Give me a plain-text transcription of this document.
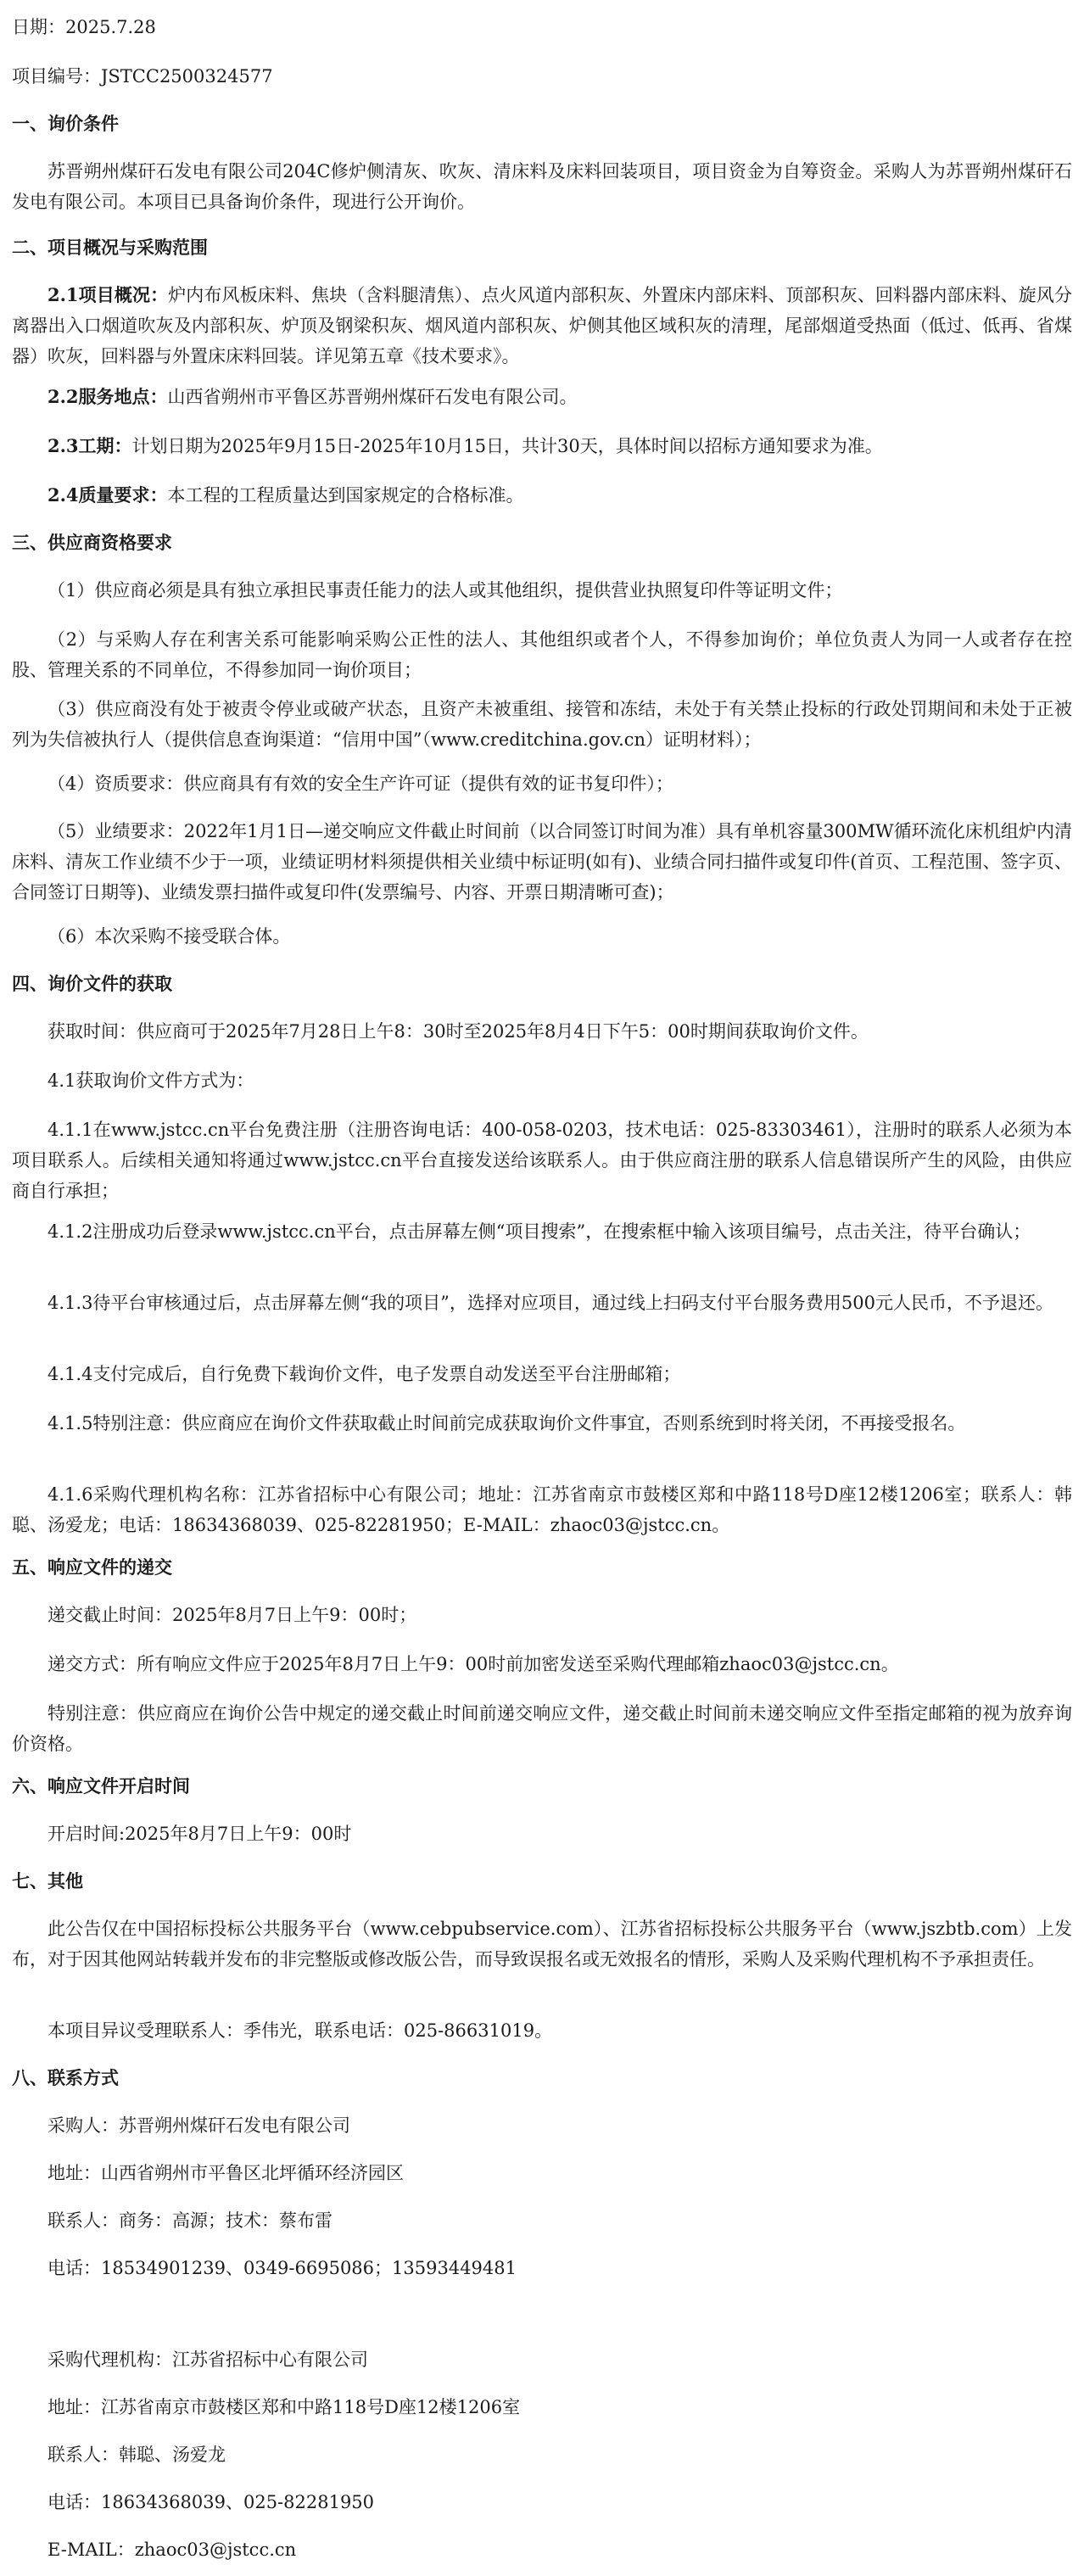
日期：2025.7.28
项目编号：JSTCC2500324577
一、询价条件
苏晋朔州煤矸石发电有限公司204C修炉侧清灰、吹灰、清床料及床料回装项目，项目资金为自筹资金。采购人为苏晋朔州煤矸石发电有限公司。本项目已具备询价条件，现进行公开询价。
二、项目概况与采购范围
2.1项目概况：炉内布风板床料、焦块（含料腿清焦）、点火风道内部积灰、外置床内部床料、顶部积灰、回料器内部床料、旋风分离器出入口烟道吹灰及内部积灰、炉顶及钢梁积灰、烟风道内部积灰、炉侧其他区域积灰的清理，尾部烟道受热面（低过、低再、省煤器）吹灰，回料器与外置床床料回装。详见第五章《技术要求》。
2.2服务地点：山西省朔州市平鲁区苏晋朔州煤矸石发电有限公司。
2.3工期：计划日期为2025年9月15日-2025年10月15日，共计30天，具体时间以招标方通知要求为准。
2.4质量要求：本工程的工程质量达到国家规定的合格标准。
三、供应商资格要求
（1）供应商必须是具有独立承担民事责任能力的法人或其他组织，提供营业执照复印件等证明文件；
（2）与采购人存在利害关系可能影响采购公正性的法人、其他组织或者个人，不得参加询价；单位负责人为同一人或者存在控股、管理关系的不同单位，不得参加同一询价项目；
（3）供应商没有处于被责令停业或破产状态，且资产未被重组、接管和冻结，未处于有关禁止投标的行政处罚期间和未处于正被列为失信被执行人（提供信息查询渠道：“信用中国”（www.creditchina.gov.cn）证明材料）；
（4）资质要求：供应商具有有效的安全生产许可证（提供有效的证书复印件）；
（5）业绩要求：2022年1月1日—递交响应文件截止时间前（以合同签订时间为准）具有单机容量300MW循环流化床机组炉内清床料、清灰工作业绩不少于一项，业绩证明材料须提供相关业绩中标证明(如有)、业绩合同扫描件或复印件(首页、工程范围、签字页、合同签订日期等)、业绩发票扫描件或复印件(发票编号、内容、开票日期清晰可查)；
（6）本次采购不接受联合体。
四、询价文件的获取
获取时间：供应商可于2025年7月28日上午8：30时至2025年8月4日下午5：00时期间获取询价文件。
4.1获取询价文件方式为：
4.1.1在www.jstcc.cn平台免费注册（注册咨询电话：400-058-0203，技术电话：025-83303461），注册时的联系人必须为本项目联系人。后续相关通知将通过www.jstcc.cn平台直接发送给该联系人。由于供应商注册的联系人信息错误所产生的风险，由供应商自行承担；
4.1.2注册成功后登录www.jstcc.cn平台，点击屏幕左侧“项目搜索”，在搜索框中输入该项目编号，点击关注，待平台确认；
4.1.3待平台审核通过后，点击屏幕左侧“我的项目”，选择对应项目，通过线上扫码支付平台服务费用500元人民币，不予退还。
4.1.4支付完成后，自行免费下载询价文件，电子发票自动发送至平台注册邮箱；
4.1.5特别注意：供应商应在询价文件获取截止时间前完成获取询价文件事宜，否则系统到时将关闭，不再接受报名。
4.1.6采购代理机构名称：江苏省招标中心有限公司；地址：江苏省南京市鼓楼区郑和中路118号D座12楼1206室；联系人：韩聪、汤爱龙；电话：18634368039、025-82281950；E-MAIL：zhaoc03@jstcc.cn。
五、响应文件的递交
递交截止时间：2025年8月7日上午9：00时；
递交方式：所有响应文件应于2025年8月7日上午9：00时前加密发送至采购代理邮箱zhaoc03@jstcc.cn。
特别注意：供应商应在询价公告中规定的递交截止时间前递交响应文件，递交截止时间前未递交响应文件至指定邮箱的视为放弃询价资格。
六、响应文件开启时间
开启时间:2025年8月7日上午9：00时
七、其他
此公告仅在中国招标投标公共服务平台（www.cebpubservice.com）、江苏省招标投标公共服务平台（www.jszbtb.com）上发布，对于因其他网站转载并发布的非完整版或修改版公告，而导致误报名或无效报名的情形，采购人及采购代理机构不予承担责任。
本项目异议受理联系人：季伟光，联系电话：025-86631019。
八、联系方式
采购人：苏晋朔州煤矸石发电有限公司
地址：山西省朔州市平鲁区北坪循环经济园区
联系人：商务：高源；技术：蔡布雷
电话：18534901239、0349-6695086；13593449481
采购代理机构：江苏省招标中心有限公司
地址：江苏省南京市鼓楼区郑和中路118号D座12楼1206室
联系人：韩聪、汤爱龙
电话：18634368039、025-82281950
E-MAIL：zhaoc03@jstcc.cn
